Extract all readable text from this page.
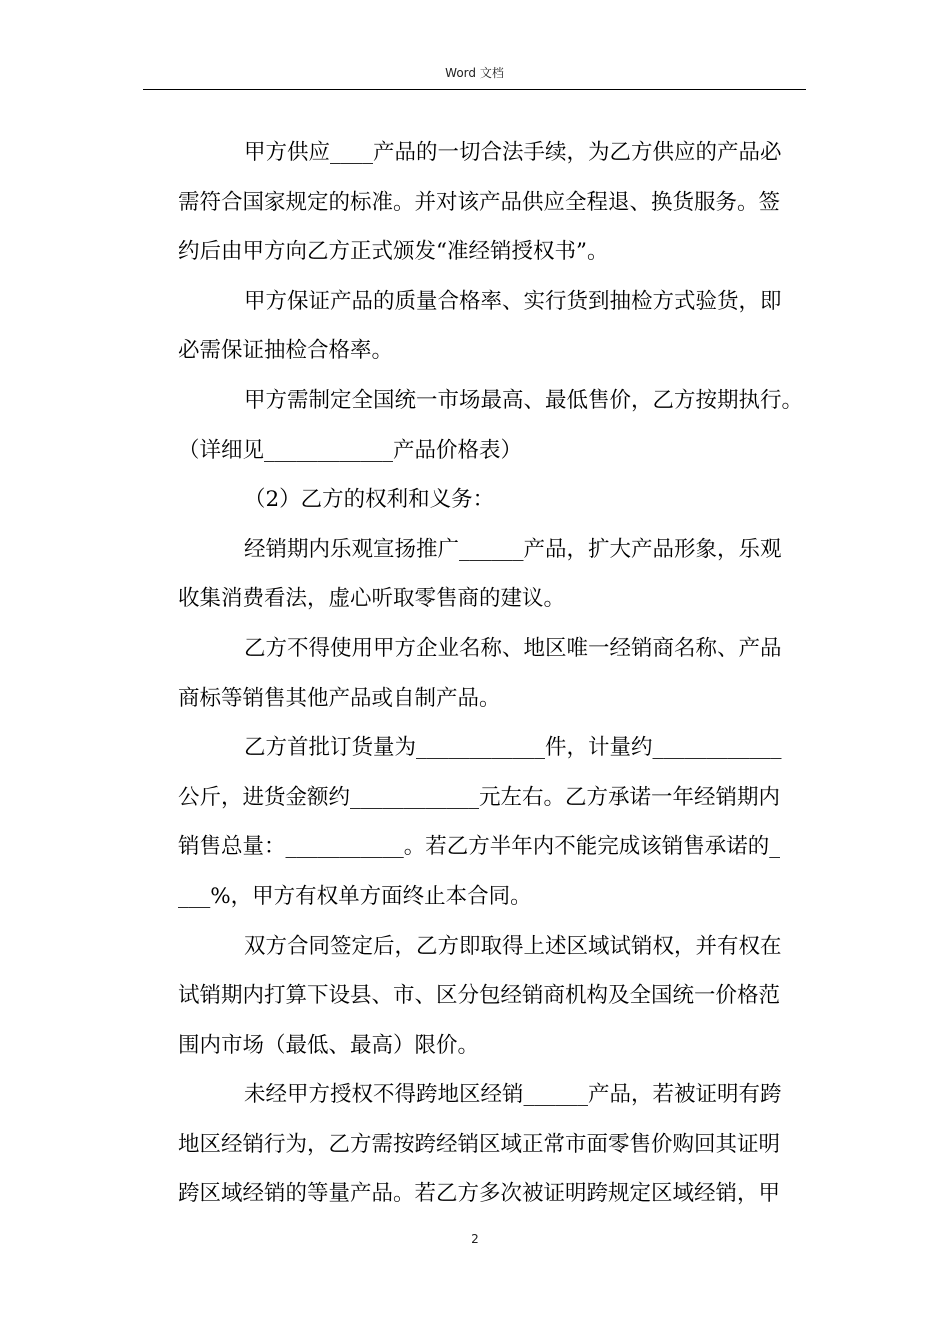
Word 文档

甲方供应____产品的一切合法手续，为乙方供应的产品必

需符合国家规定的标准。并对该产品供应全程退、换货服务。签

约后由甲方向乙方正式颁发“准经销授权书”。

甲方保证产品的质量合格率、实行货到抽检方式验货，即

必需保证抽检合格率。

甲方需制定全国统一市场最高、最低售价，乙方按期执行。

（详细见____________产品价格表）

（2）乙方的权利和义务：

经销期内乐观宣扬推广______产品，扩大产品形象，乐观

收集消费看法，虚心听取零售商的建议。

乙方不得使用甲方企业名称、地区唯一经销商名称、产品

商标等销售其他产品或自制产品。

乙方首批订货量为____________件，计量约____________

公斤，进货金额约____________元左右。乙方承诺一年经销期内

销售总量：___________。若乙方半年内不能完成该销售承诺的_

___%，甲方有权单方面终止本合同。

双方合同签定后，乙方即取得上述区域试销权，并有权在

试销期内打算下设县、市、区分包经销商机构及全国统一价格范

围内市场（最低、最高）限价。

未经甲方授权不得跨地区经销______产品，若被证明有跨

地区经销行为，乙方需按跨经销区域正常市面零售价购回其证明

跨区域经销的等量产品。若乙方多次被证明跨规定区域经销，甲

2
